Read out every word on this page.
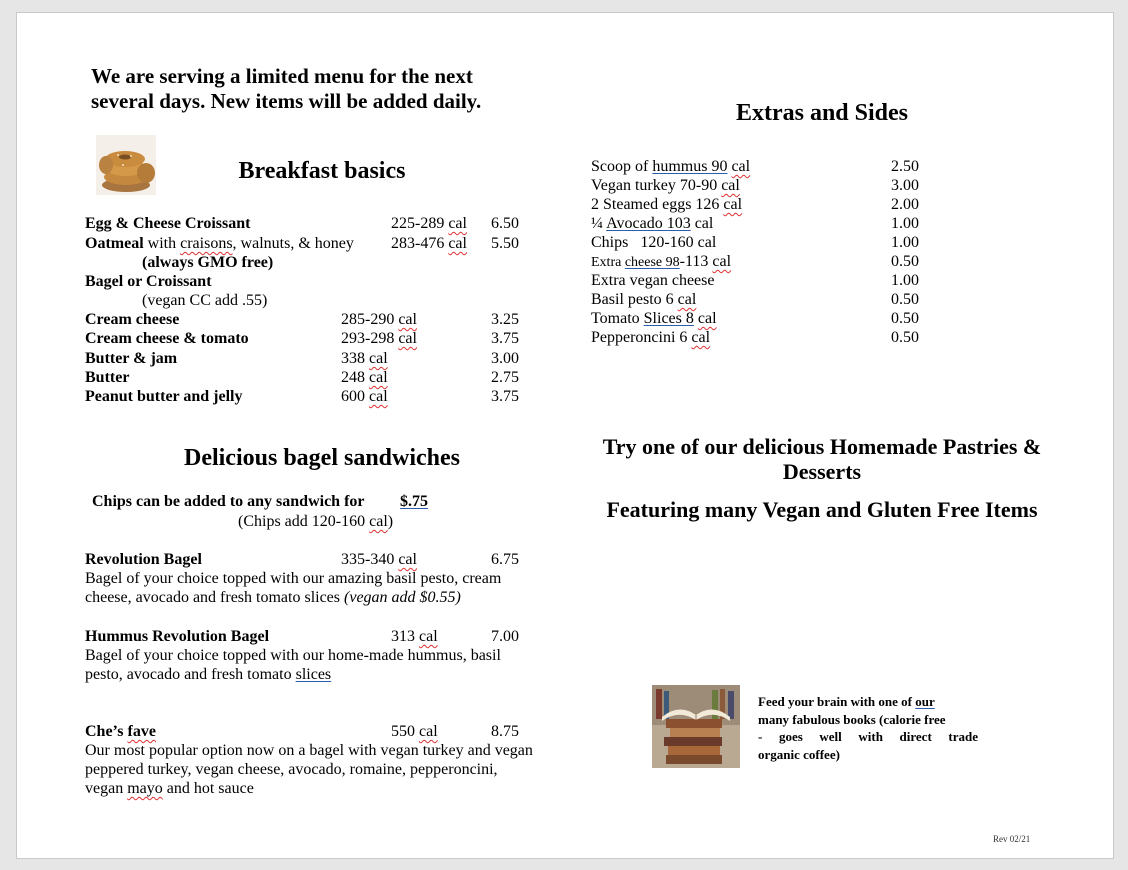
We are serving a limited menu for the next
several days. New items will be added daily.
Breakfast basics
Egg & Cheese Croissant	225-289 cal 6.50
Oatmeal with craisons, walnuts, & honey 283-476 cal 5.50
(always GMO free)
Bagel or Croissant
(vegan CC add .55)
Cream cheese	285-290 cal	3.25
Cream cheese & tomato	293-298 cal	3.75
Butter & jam	338 cal	3.00
Butter	248 cal	2.75
Peanut butter and jelly	600 cal	3.75
Delicious bagel sandwiches
Chips can be added to any sandwich for $.75
(Chips add 120-160 cal)
Revolution Bagel	335-340 cal	6.75
Bagel of your choice topped with our amazing basil pesto, cream
cheese, avocado and fresh tomato slices (vegan add $0.55)
Hummus Revolution Bagel	313 cal	7.00
Bagel of your choice topped with our home-made hummus, basil
pesto, avocado and fresh tomato slices
Che’s fave	550 cal	8.75
Our most popular option now on a bagel with vegan turkey and vegan
peppered turkey, vegan cheese, avocado, romaine, pepperoncini,
vegan mayo and hot sauce
Extras and Sides
Scoop of hummus 90 cal	2.50
Vegan turkey 70-90 cal	3.00
2 Steamed eggs 126 cal	2.00
¼ Avocado 103 cal	1.00
Chips   120-160 cal	1.00
Extra cheese 98-113 cal	0.50
Extra vegan cheese	1.00
Basil pesto 6 cal	0.50
Tomato Slices 8 cal	0.50
Pepperoncini 6 cal	0.50
Try one of our delicious Homemade Pastries &
Desserts
Featuring many Vegan and Gluten Free Items
Feed your brain with one of our
many fabulous books (calorie free
- goes well with direct trade
organic coffee)
Rev 02/21
